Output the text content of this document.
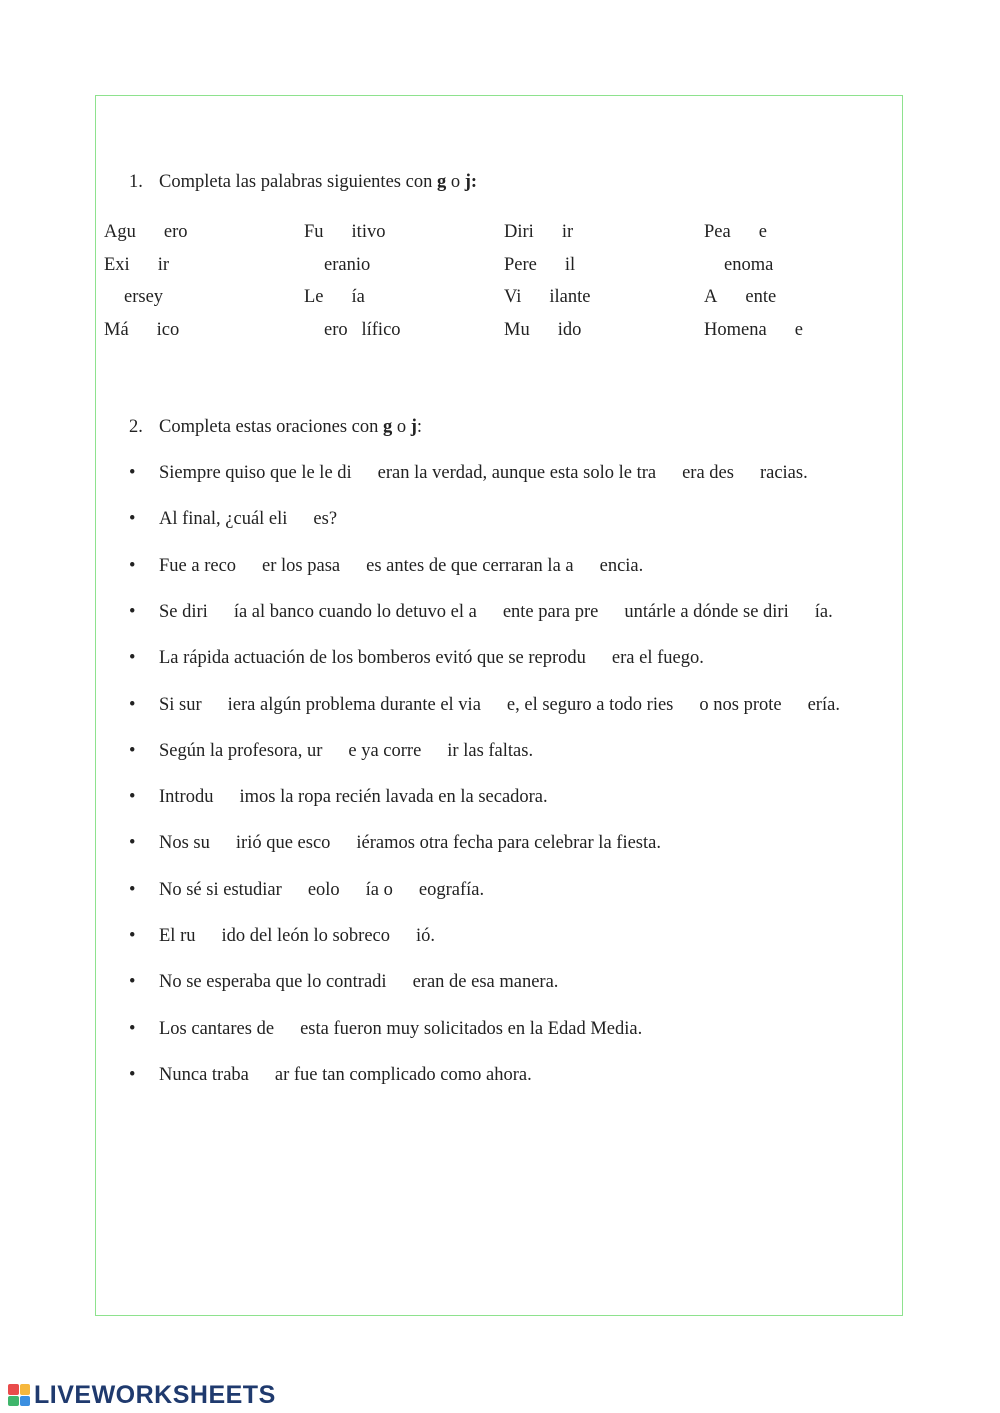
1. Completa las palabras siguientes con g o j:
Agu ero	Fu itivo	Diri ir	Pea e
Exi ir	eranio	Pere il	enoma
ersey	Le ía	Vi ilante	A ente
Má ico	ero   lífico	Mu ido	Homena e
2. Completa estas oraciones con g o j:
• Siempre quiso que le le di eran la verdad, aunque esta solo le tra era des racias.
• Al final, ¿cuál eli es?
• Fue a reco er los pasa es antes de que cerraran la a encia.
• Se diri ía al banco cuando lo detuvo el a ente para pre untárle a dónde se diri ía.
• La rápida actuación de los bomberos evitó que se reprodu era el fuego.
• Si sur iera algún problema durante el via e, el seguro a todo ries o nos prote ería.
• Según la profesora, ur e ya corre ir las faltas.
• Introdu imos la ropa recién lavada en la secadora.
• Nos su irió que esco iéramos otra fecha para celebrar la fiesta.
• No sé si estudiar eolo ía o eografía.
• El ru ido del león lo sobreco ió.
• No se esperaba que lo contradi eran de esa manera.
• Los cantares de esta fueron muy solicitados en la Edad Media.
• Nunca traba ar fue tan complicado como ahora.
LIVEWORKSHEETS
